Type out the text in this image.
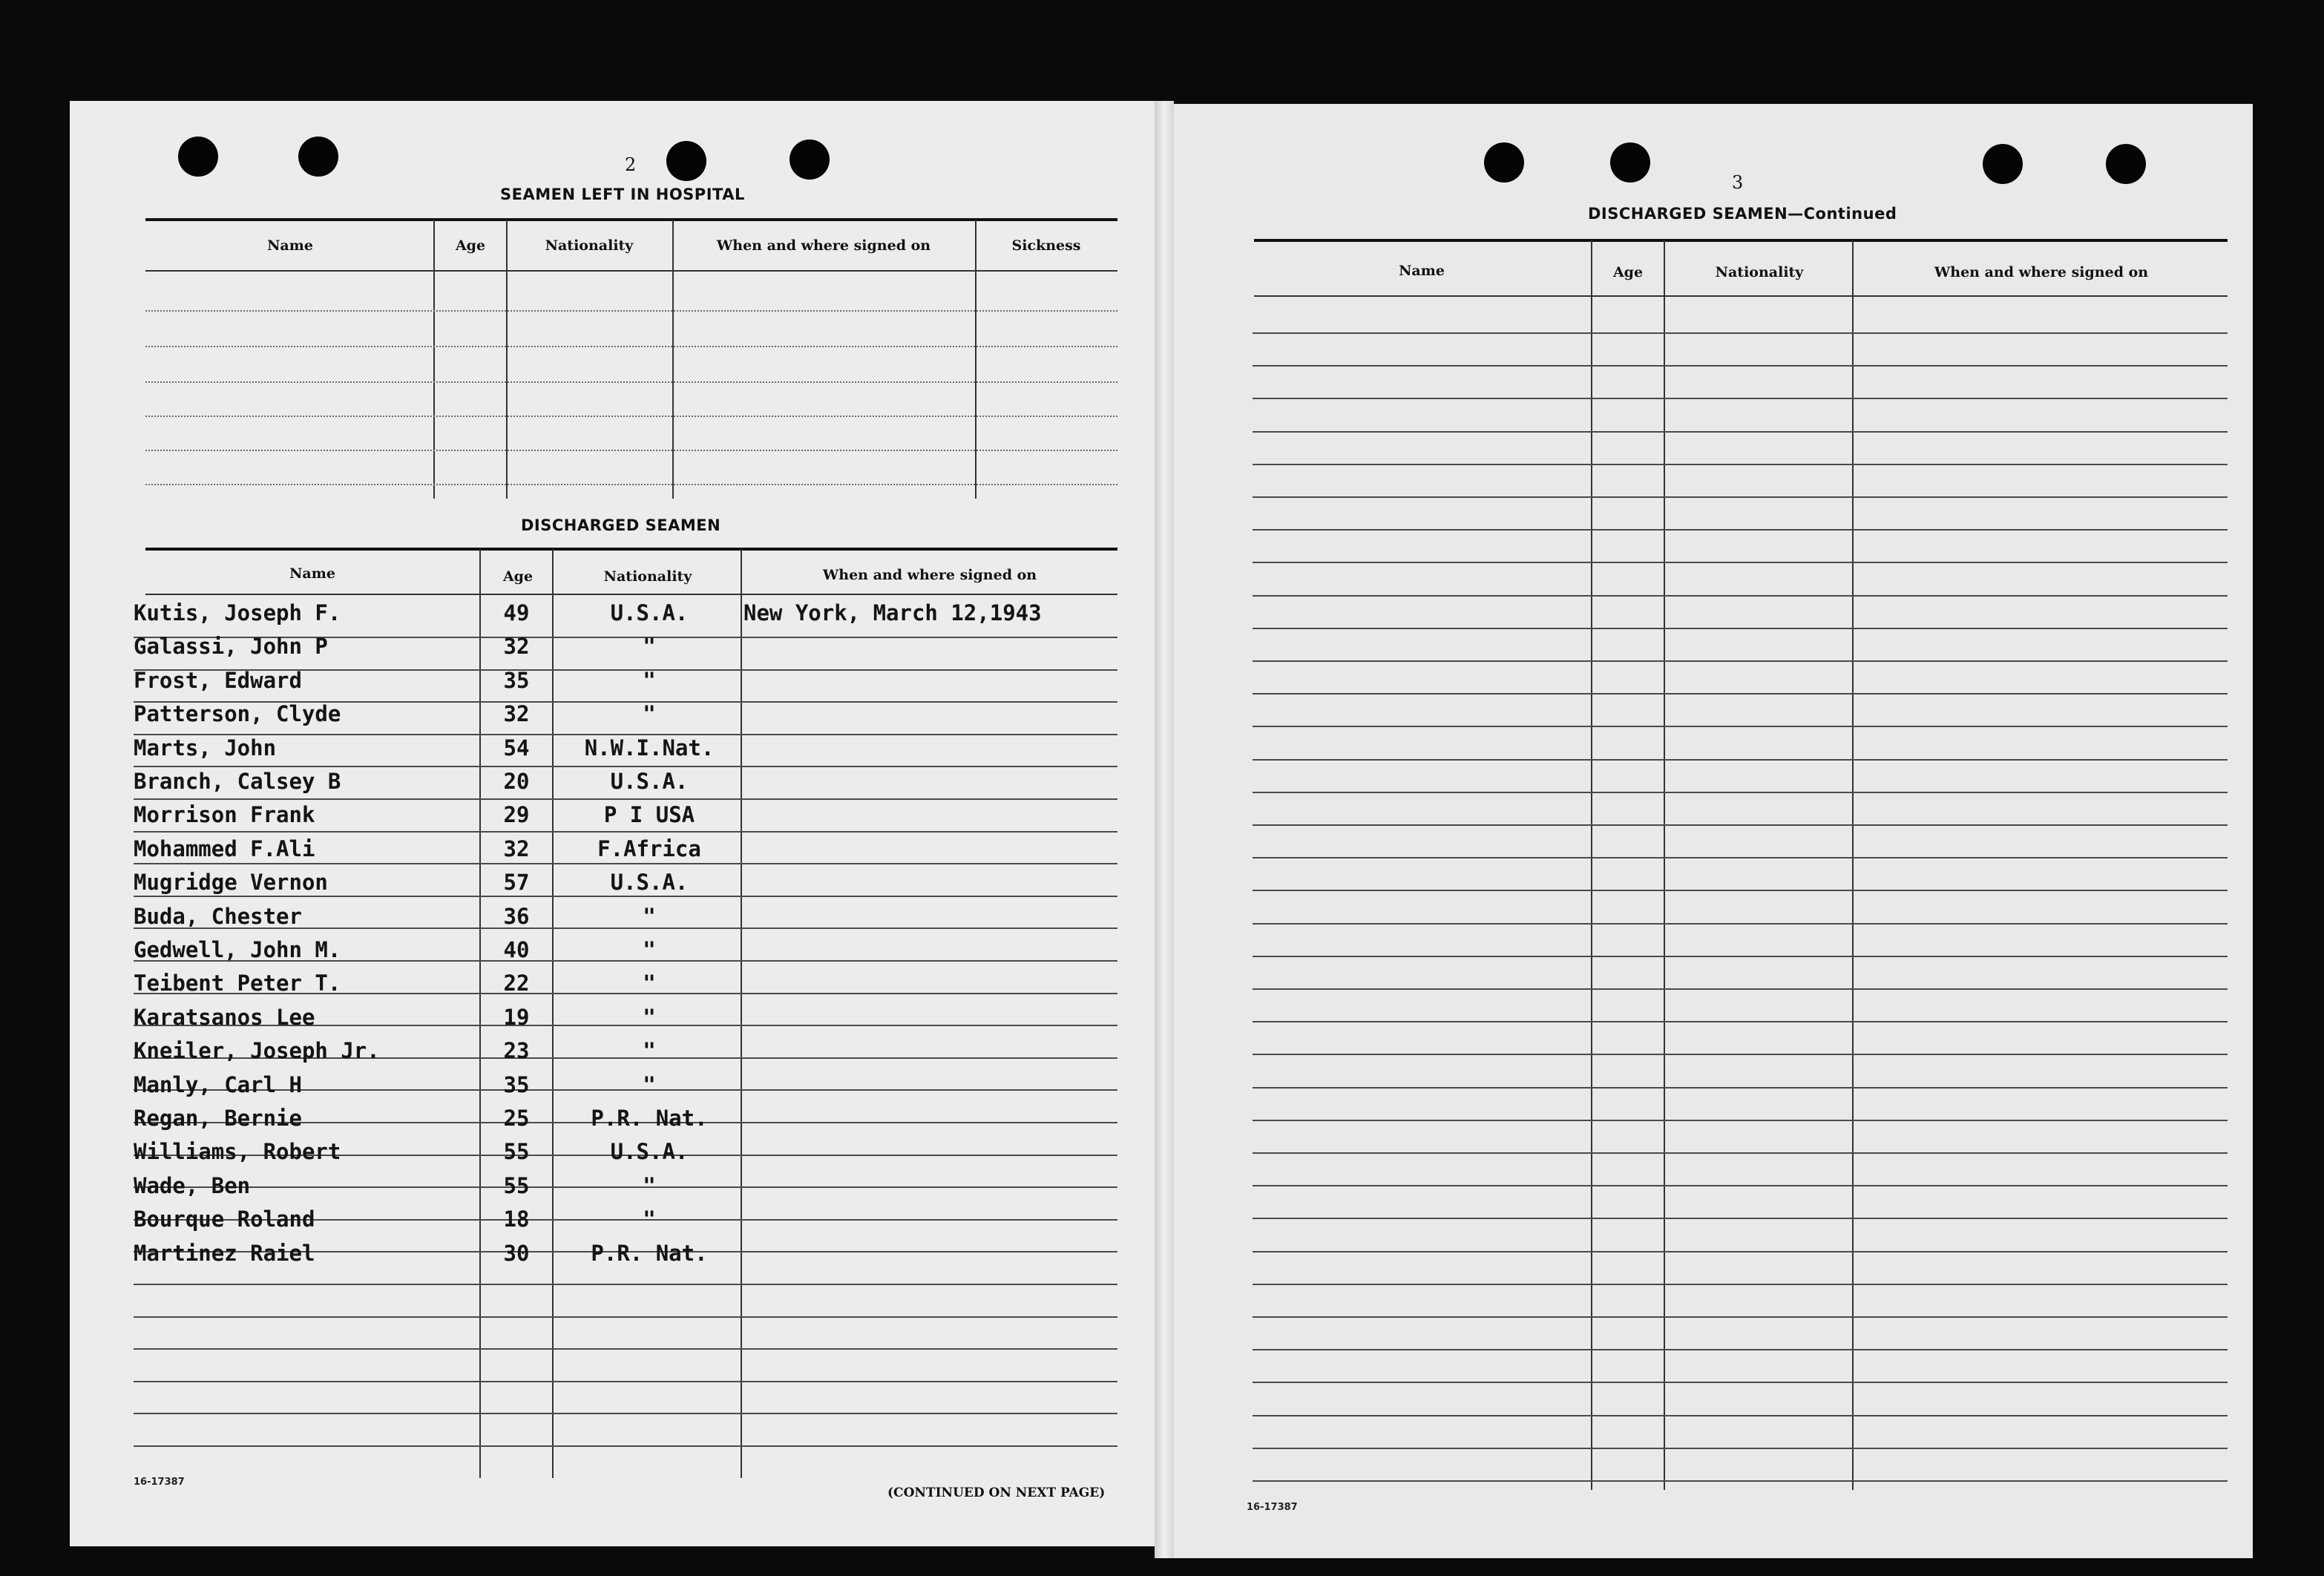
2
SEAMEN LEFT IN HOSPITAL
Name	Age	Nationality	When and where signed on	Sickness
DISCHARGED SEAMEN
Name	Age	Nationality	When and where signed on
Kutis, Joseph F.	49	U.S.A.	New York, March 12,1943
Galassi, John P	32	"
Frost, Edward	35	"
Patterson, Clyde	32	"
Marts, John	54	N.W.I.Nat.
Branch, Calsey B	20	U.S.A.
Morrison Frank	29	P I USA
Mohammed F.Ali	32	F.Africa
Mugridge Vernon	57	U.S.A.
Buda, Chester	36	"
Gedwell, John M.	40	"
Teibent Peter T.	22	"
Karatsanos Lee	19	"
Kneiler, Joseph Jr.	23	"
Manly, Carl H	35	"
Regan, Bernie	25	P.R. Nat.
Williams, Robert	55	U.S.A.
Wade, Ben	55	"
Bourque Roland	18	"
Martinez Raiel	30	P.R. Nat.
16-17387
(CONTINUED ON NEXT PAGE)
3
DISCHARGED SEAMEN—Continued
Name	Age	Nationality	When and where signed on
16-17387
